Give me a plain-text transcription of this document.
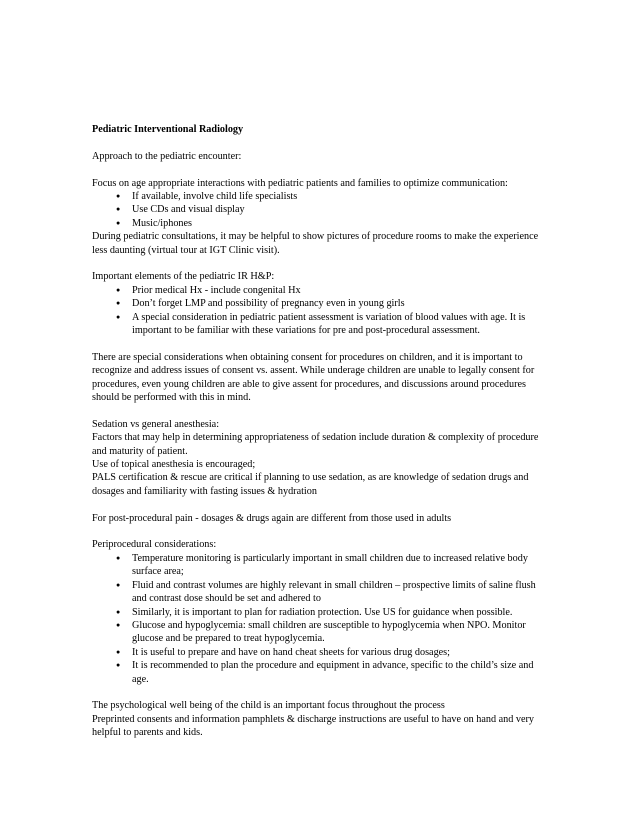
Pediatric Interventional Radiology

Approach to the pediatric encounter:

Focus on age appropriate interactions with pediatric patients and families to optimize communication:

● If available, involve child life specialists
● Use CDs and visual display
● Music/iphones

During pediatric consultations, it may be helpful to show pictures of procedure rooms to make the experience less daunting (virtual tour at IGT Clinic visit).

Important elements of the pediatric IR H&P:

● Prior medical Hx - include congenital Hx
● Don’t forget LMP and possibility of pregnancy even in young girls
● A special consideration in pediatric patient assessment is variation of blood values with age. It is important to be familiar with these variations for pre and post-procedural assessment.

There are special considerations when obtaining consent for procedures on children, and it is important to recognize and address issues of consent vs. assent. While underage children are unable to legally consent for procedures, even young children are able to give assent for procedures, and discussions around procedures should be performed with this in mind.

Sedation vs general anesthesia:

Factors that may help in determining appropriateness of sedation include duration & complexity of procedure and maturity of patient.

Use of topical anesthesia is encouraged;

PALS certification & rescue are critical if planning to use sedation, as are knowledge of sedation drugs and dosages and familiarity with fasting issues & hydration

For post-procedural pain - dosages & drugs again are different from those used in adults

Periprocedural considerations:

● Temperature monitoring is particularly important in small children due to increased relative body surface area;
● Fluid and contrast volumes are highly relevant in small children – prospective limits of saline flush and contrast dose should be set and adhered to
● Similarly, it is important to plan for radiation protection. Use US for guidance when possible.
● Glucose and hypoglycemia: small children are susceptible to hypoglycemia when NPO. Monitor glucose and be prepared to treat hypoglycemia.
● It is useful to prepare and have on hand cheat sheets for various drug dosages;
● It is recommended to plan the procedure and equipment in advance, specific to the child’s size and age.

The psychological well being of the child is an important focus throughout the process

Preprinted consents and information pamphlets & discharge instructions are useful to have on hand and very helpful to parents and kids.
